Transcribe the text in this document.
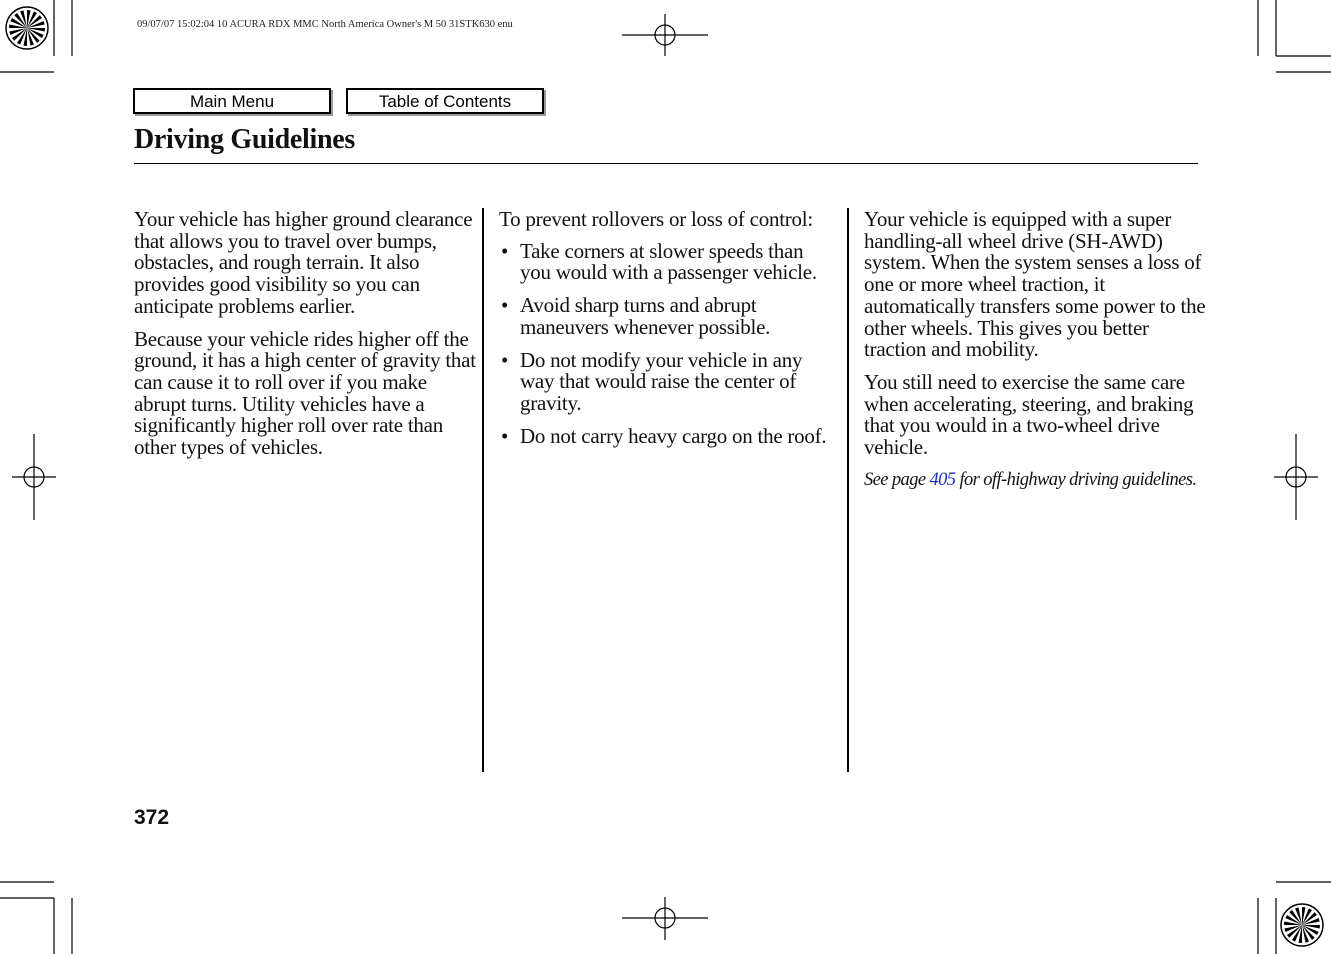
09/07/07 15:02:04 10 ACURA RDX MMC North America Owner's M 50 31STK630 enu
Main Menu	Table of Contents
Driving Guidelines

Your vehicle has higher ground clearance that allows you to travel over bumps, obstacles, and rough terrain. It also provides good visibility so you can anticipate problems earlier.

Because your vehicle rides higher off the ground, it has a high center of gravity that can cause it to roll over if you make abrupt turns. Utility vehicles have a significantly higher roll over rate than other types of vehicles.

To prevent rollovers or loss of control:

• Take corners at slower speeds than you would with a passenger vehicle.
• Avoid sharp turns and abrupt maneuvers whenever possible.
• Do not modify your vehicle in any way that would raise the center of gravity.
• Do not carry heavy cargo on the roof.

Your vehicle is equipped with a super handling-all wheel drive (SH-AWD) system. When the system senses a loss of one or more wheel traction, it automatically transfers some power to the other wheels. This gives you better traction and mobility.

You still need to exercise the same care when accelerating, steering, and braking that you would in a two-wheel drive vehicle.

See page 405 for off-highway driving guidelines.

372
